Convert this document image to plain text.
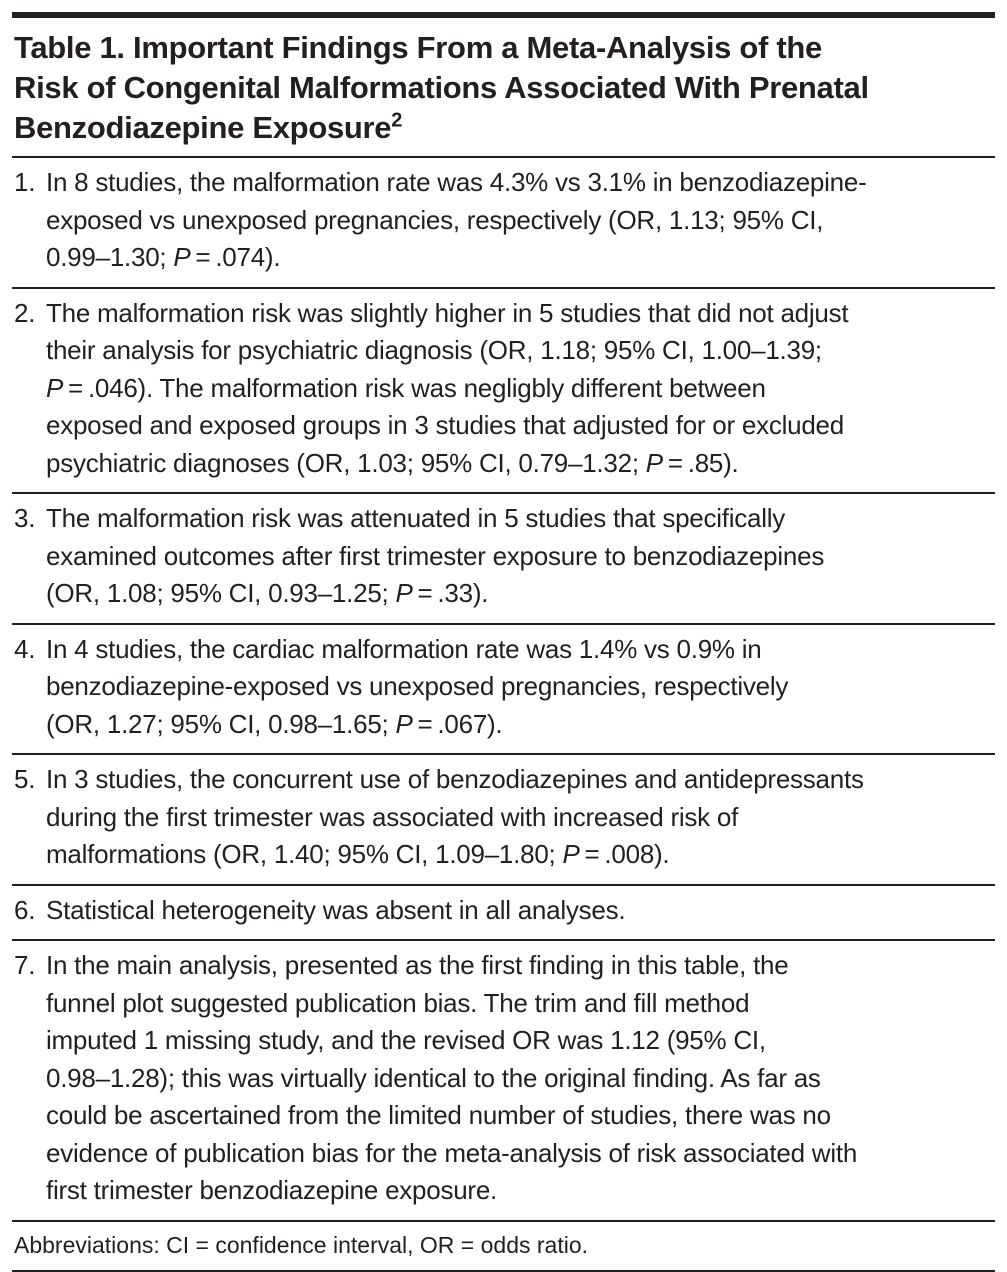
Table 1. Important Findings From a Meta-Analysis of the
Risk of Congenital Malformations Associated With Prenatal
Benzodiazepine Exposure$^2$
1. In 8 studies, the malformation rate was 4.3% vs 3.1% in benzodiazepine-
exposed vs unexposed pregnancies, respectively (OR, 1.13; 95% CI,
0.99–1.30; P = .074).
2. The malformation risk was slightly higher in 5 studies that did not adjust
their analysis for psychiatric diagnosis (OR, 1.18; 95% CI, 1.00–1.39;
P = .046). The malformation risk was negligbly different between
exposed and exposed groups in 3 studies that adjusted for or excluded
psychiatric diagnoses (OR, 1.03; 95% CI, 0.79–1.32; P = .85).
3. The malformation risk was attenuated in 5 studies that specifically
examined outcomes after first trimester exposure to benzodiazepines
(OR, 1.08; 95% CI, 0.93–1.25; P = .33).
4. In 4 studies, the cardiac malformation rate was 1.4% vs 0.9% in
benzodiazepine-exposed vs unexposed pregnancies, respectively
(OR, 1.27; 95% CI, 0.98–1.65; P = .067).
5. In 3 studies, the concurrent use of benzodiazepines and antidepressants
during the first trimester was associated with increased risk of
malformations (OR, 1.40; 95% CI, 1.09–1.80; P = .008).
6. Statistical heterogeneity was absent in all analyses.
7. In the main analysis, presented as the first finding in this table, the
funnel plot suggested publication bias. The trim and fill method
imputed 1 missing study, and the revised OR was 1.12 (95% CI,
0.98–1.28); this was virtually identical to the original finding. As far as
could be ascertained from the limited number of studies, there was no
evidence of publication bias for the meta-analysis of risk associated with
first trimester benzodiazepine exposure.
Abbreviations: CI = confidence interval, OR = odds ratio.
